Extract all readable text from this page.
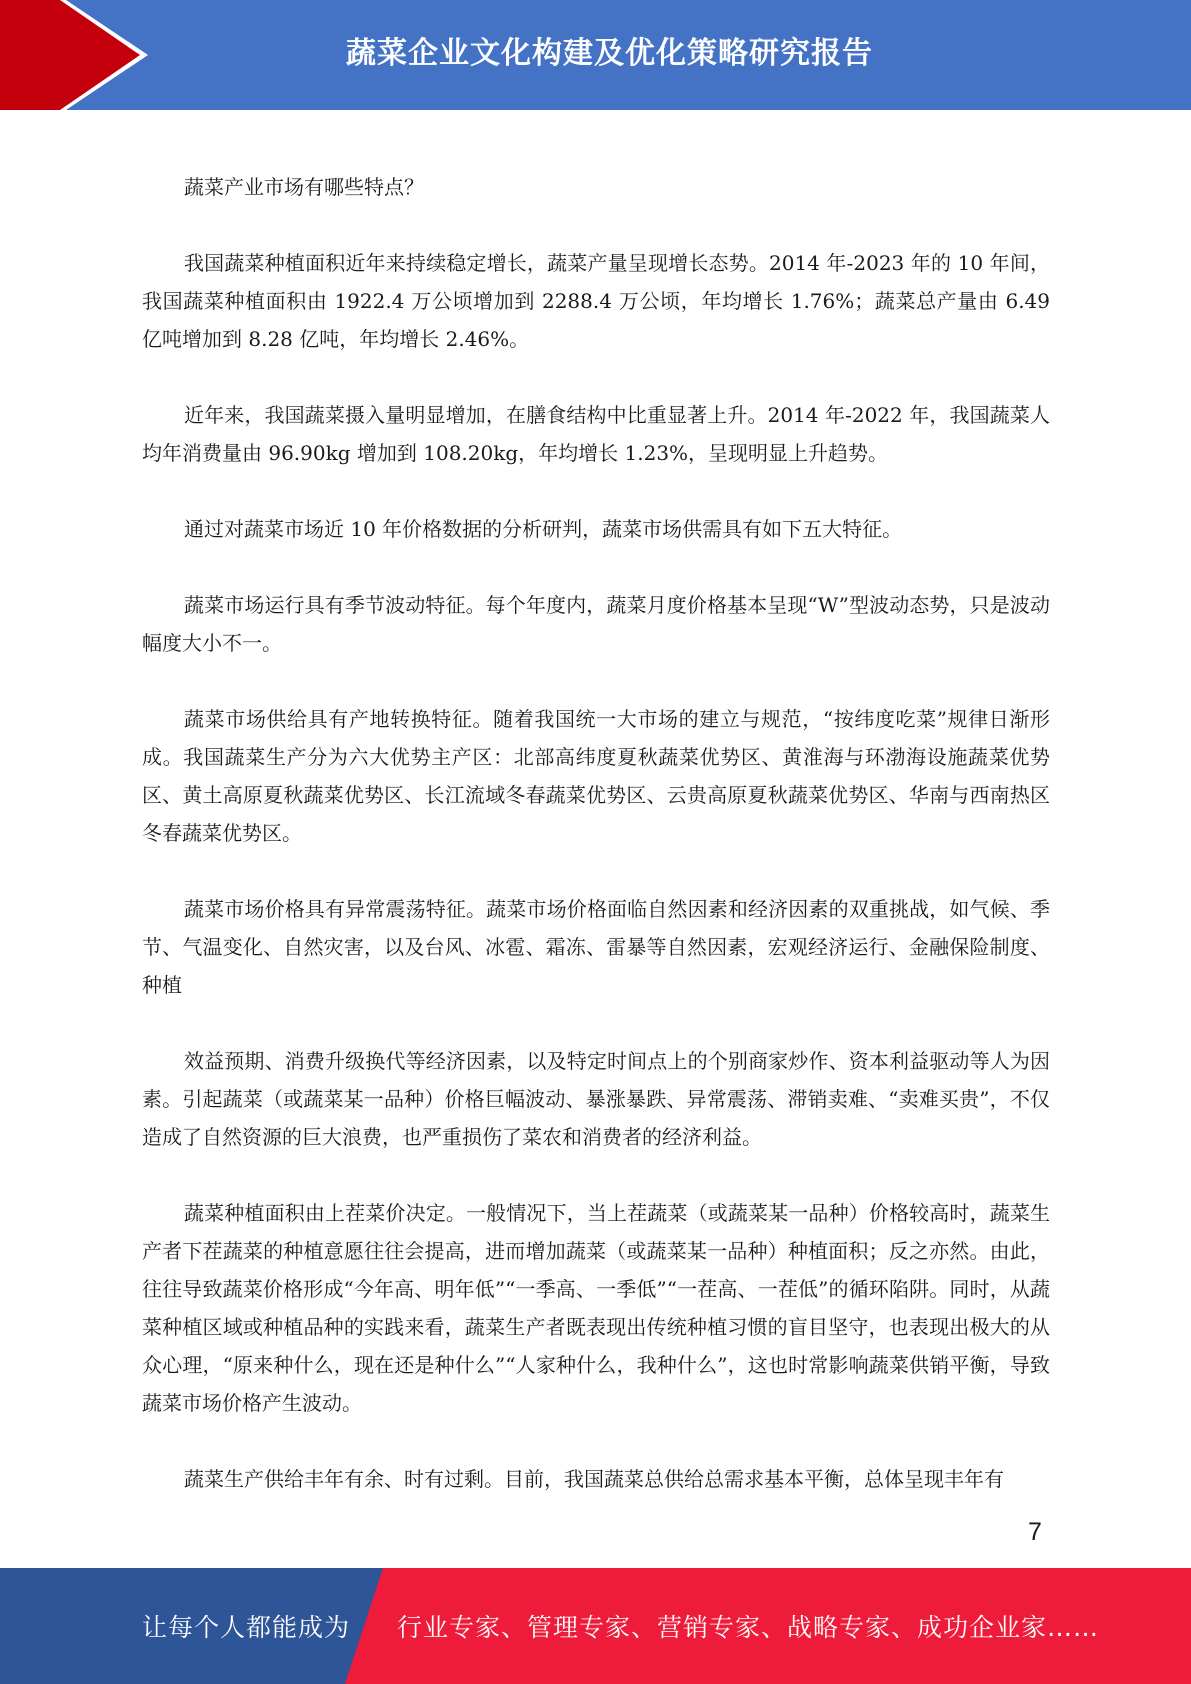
蔬菜企业文化构建及优化策略研究报告

蔬菜产业市场有哪些特点？

我国蔬菜种植面积近年来持续稳定增长，蔬菜产量呈现增长态势。2014 年-2023 年的 10 年间，我国蔬菜种植面积由 1922.4 万公顷增加到 2288.4 万公顷，年均增长 1.76%；蔬菜总产量由 6.49 亿吨增加到 8.28 亿吨，年均增长 2.46%。

近年来，我国蔬菜摄入量明显增加，在膳食结构中比重显著上升。2014 年-2022 年，我国蔬菜人均年消费量由 96.90kg 增加到 108.20kg，年均增长 1.23%，呈现明显上升趋势。

通过对蔬菜市场近 10 年价格数据的分析研判，蔬菜市场供需具有如下五大特征。

蔬菜市场运行具有季节波动特征。每个年度内，蔬菜月度价格基本呈现“W”型波动态势，只是波动幅度大小不一。

蔬菜市场供给具有产地转换特征。随着我国统一大市场的建立与规范，“按纬度吃菜”规律日渐形成。我国蔬菜生产分为六大优势主产区：北部高纬度夏秋蔬菜优势区、黄淮海与环渤海设施蔬菜优势区、黄土高原夏秋蔬菜优势区、长江流域冬春蔬菜优势区、云贵高原夏秋蔬菜优势区、华南与西南热区冬春蔬菜优势区。

蔬菜市场价格具有异常震荡特征。蔬菜市场价格面临自然因素和经济因素的双重挑战，如气候、季节、气温变化、自然灾害，以及台风、冰雹、霜冻、雷暴等自然因素，宏观经济运行、金融保险制度、种植

效益预期、消费升级换代等经济因素，以及特定时间点上的个别商家炒作、资本利益驱动等人为因素。引起蔬菜（或蔬菜某一品种）价格巨幅波动、暴涨暴跌、异常震荡、滞销卖难、“卖难买贵”，不仅造成了自然资源的巨大浪费，也严重损伤了菜农和消费者的经济利益。

蔬菜种植面积由上茬菜价决定。一般情况下，当上茬蔬菜（或蔬菜某一品种）价格较高时，蔬菜生产者下茬蔬菜的种植意愿往往会提高，进而增加蔬菜（或蔬菜某一品种）种植面积；反之亦然。由此，往往导致蔬菜价格形成“今年高、明年低”“一季高、一季低”“一茬高、一茬低”的循环陷阱。同时，从蔬菜种植区域或种植品种的实践来看，蔬菜生产者既表现出传统种植习惯的盲目坚守，也表现出极大的从众心理，“原来种什么，现在还是种什么”“人家种什么，我种什么”，这也时常影响蔬菜供销平衡，导致蔬菜市场价格产生波动。

蔬菜生产供给丰年有余、时有过剩。目前，我国蔬菜总供给总需求基本平衡，总体呈现丰年有

7
让每个人都能成为 行业专家、管理专家、营销专家、战略专家、成功企业家……
